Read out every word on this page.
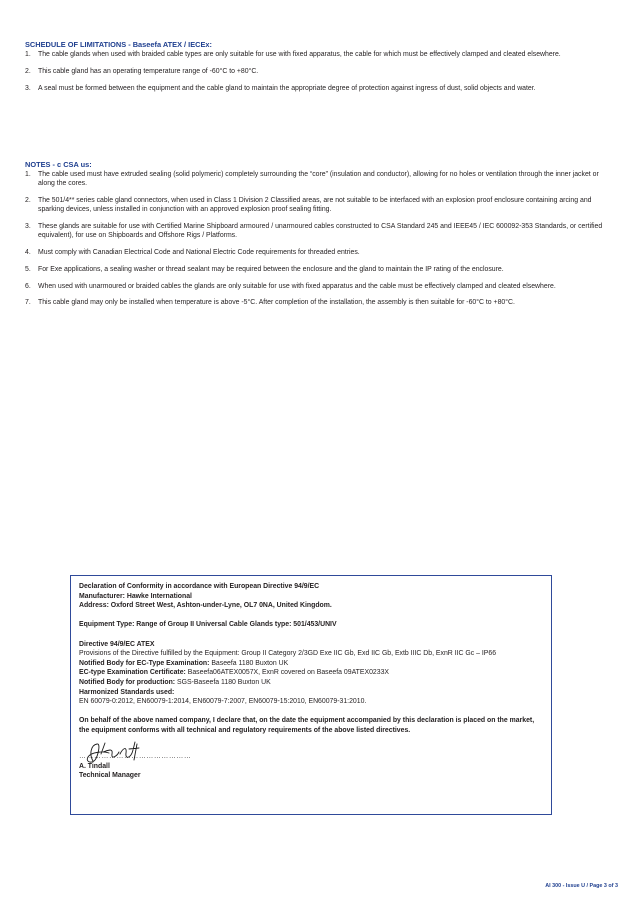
SCHEDULE OF LIMITATIONS - Baseefa ATEX / IECEx:
1.	The cable glands when used with braided cable types are only suitable for use with fixed apparatus, the cable for which must be effectively clamped and cleated elsewhere.
2.	This cable gland has an operating temperature range of -60°C to +80°C.
3.	A seal must be formed between the equipment and the cable gland to maintain the appropriate degree of protection against ingress of dust, solid objects and water.
NOTES - c CSA us:
1.	The cable used must have extruded sealing (solid polymeric) completely surrounding the “core” (insulation and conductor), allowing for no holes or ventilation through the inner jacket or along the cores.
2.	The 501/4** series cable gland connectors, when used in Class 1 Division 2 Classified areas, are not suitable to be interfaced with an explosion proof enclosure containing arcing and sparking devices, unless installed in conjunction with an approved explosion proof sealing fitting.
3.	These glands are suitable for use with Certified Marine Shipboard armoured / unarmoured cables constructed to CSA Standard 245 and IEEE45 / IEC 600092-353 Standards, or certified equivalent), for use on Shipboards and Offshore Rigs / Platforms.
4.	Must comply with Canadian Electrical Code and National Electric Code requirements for threaded entries.
5.	For Exe applications, a sealing washer or thread sealant may be required between the enclosure and the gland to maintain the IP rating of the enclosure.
6.	When used with unarmoured or braided cables the glands are only suitable for use with fixed apparatus and the cable must be effectively clamped and cleated elsewhere.
7.	This cable gland may only be installed when temperature is above -5°C. After completion of the installation, the assembly is then suitable for -60°C to +80°C.

Declaration of Conformity in accordance with European Directive 94/9/EC

Manufacturer: Hawke International

Address: Oxford Street West, Ashton-under-Lyne, OL7 0NA, United Kingdom.

Equipment Type: Range of Group II Universal Cable Glands type: 501/453/UNIV

Directive 94/9/EC ATEX

Provisions of the Directive fulfilled by the Equipment: Group II Category 2/3GD Exe IIC Gb, Exd IIC Gb, Extb IIIC Db, ExnR IIC Gc – IP66

Notified Body for EC-Type Examination: Baseefa 1180 Buxton UK

EC-type Examination Certificate: Baseefa06ATEX0057X, ExnR covered on Baseefa 09ATEX0233X

Notified Body for production: SGS-Baseefa 1180 Buxton UK

Harmonized Standards used:

EN 60079-0:2012, EN60079-1:2014, EN60079-7:2007, EN60079-15:2010, EN60079-31:2010.

On behalf of the above named company, I declare that, on the date the equipment accompanied by this declaration is placed on the market, the equipment conforms with all technical and regulatory requirements of the above listed directives.

………………………………………

A. Tindall

Technical Manager

AI 300 - Issue U / Page 3 of 3
